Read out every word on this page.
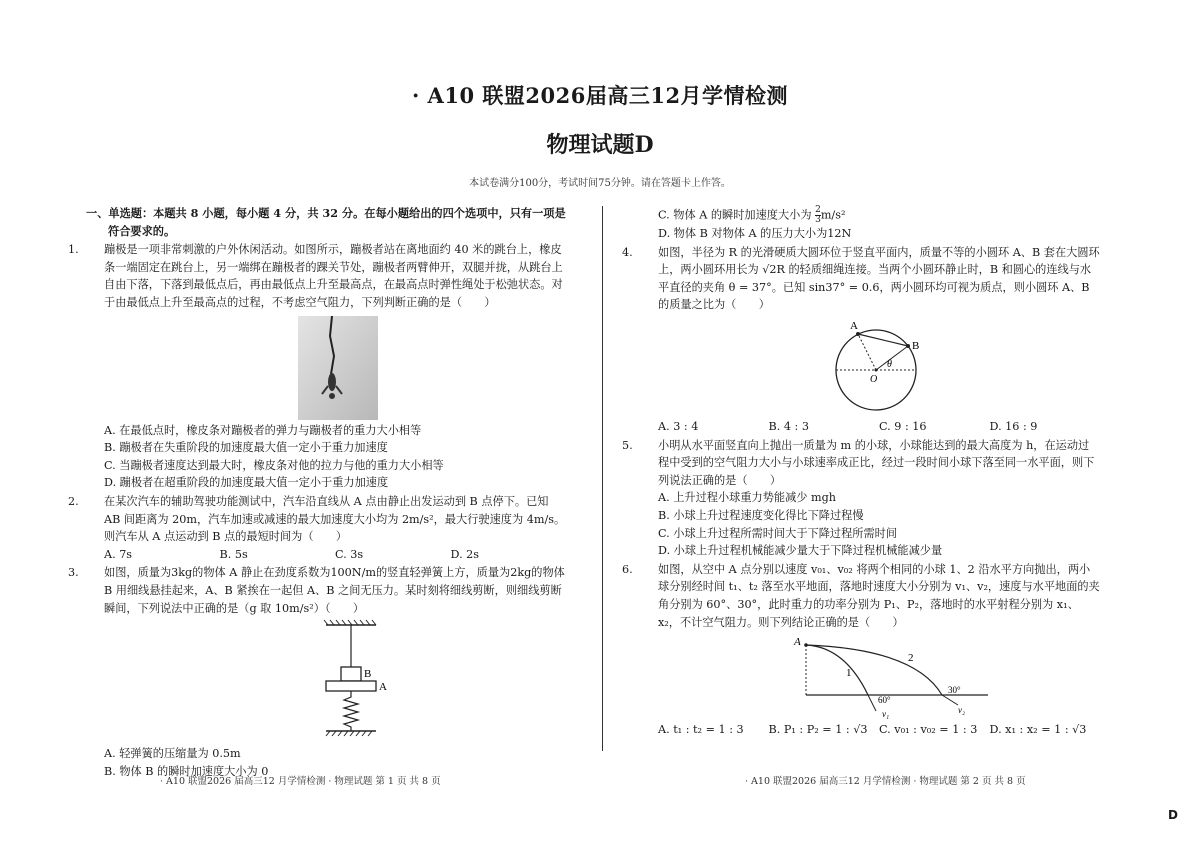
· A10 联盟2026届高三12月学情检测
物理试题D
本试卷满分100分，考试时间75分钟。请在答题卡上作答。
一、单选题：本题共 8 小题，每小题 4 分，共 32 分。在每小题给出的四个选项中，只有一项是
符合要求的。
1. 蹦极是一项非常刺激的户外休闲活动。如图所示，蹦极者站在离地面约 40 米的跳台上，橡皮条一端固定在跳台上，另一端绑在蹦极者的踝关节处，蹦极者两臂伸开，双腿并拢，从跳台上自由下落，下落到最低点后，再由最低点上升至最高点，在最高点时弹性绳处于松弛状态。对于由最低点上升至最高点的过程，不考虑空气阻力，下列判断正确的是（　　）
A. 在最低点时，橡皮条对蹦极者的弹力与蹦极者的重力大小相等
B. 蹦极者在失重阶段的加速度最大值一定小于重力加速度
C. 当蹦极者速度达到最大时，橡皮条对他的拉力与他的重力大小相等
D. 蹦极者在超重阶段的加速度最大值一定小于重力加速度
2. 在某次汽车的辅助驾驶功能测试中，汽车沿直线从 A 点由静止出发运动到 B 点停下。已知 AB 间距离为 20m，汽车加速或减速的最大加速度大小均为 2m/s²，最大行驶速度为 4m/s。则汽车从 A 点运动到 B 点的最短时间为（　　）
A. 7s	B. 5s	C. 3s	D. 2s
3. 如图，质量为3kg的物体 A 静止在劲度系数为100N/m的竖直轻弹簧上方，质量为2kg的物体 B 用细线悬挂起来，A、B 紧挨在一起但 A、B 之间无压力。某时刻将细线剪断，则细线剪断瞬间，下列说法中正确的是（g 取 10m/s²）（　　）
B
A
A. 轻弹簧的压缩量为 0.5m
B. 物体 B 的瞬时加速度大小为 0
C. 物体 A 的瞬时加速度大小为 $\frac{2}{3} m/s^2$
D. 物体 B 对物体 A 的压力大小为12N
4. 如图，半径为 R 的光滑硬质大圆环位于竖直平面内，质量不等的小圆环 A、B 套在大圆环上，两小圆环用长为 √2R 的轻质细绳连接。当两个小圆环静止时，B 和圆心的连线与水平直径的夹角 θ = 37°。已知 sin37° = 0.6，两小圆环均可视为质点，则小圆环 A、B 的质量之比为（　　）
A
B
O
θ
A. 3 : 4	B. 4 : 3	C. 9 : 16	D. 16 : 9
5. 小明从水平面竖直向上抛出一质量为 m 的小球，小球能达到的最大高度为 h，在运动过程中受到的空气阻力大小与小球速率成正比，经过一段时间小球下落至同一水平面，则下列说法正确的是（　　）
A. 上升过程小球重力势能减少 mgh
B. 小球上升过程速度变化得比下降过程慢
C. 小球上升过程所需时间大于下降过程所需时间
D. 小球上升过程机械能减少量大于下降过程机械能减少量
6. 如图，从空中 A 点分别以速度 v₀₁、v₀₂ 将两个相同的小球 1、2 沿水平方向抛出，两小球分别经时间 t₁、t₂ 落至水平地面，落地时速度大小分别为 v₁、v₂，速度与水平地面的夹角分别为 60°、30°，此时重力的功率分别为 P₁、P₂，落地时的水平射程分别为 x₁、x₂，不计空气阻力。则下列结论正确的是（　　）
A
1
2
60°
30°
v₁	v₂
A. t₁ : t₂ = 1 : 3	B. P₁ : P₂ = 1 : √3	C. v₀₁ : v₀₂ = 1 : 3	D. x₁ : x₂ = 1 : √3
· A10 联盟2026 届高三12 月学情检测 · 物理试题 第 1 页 共 8 页	· A10 联盟2026 届高三12 月学情检测 · 物理试题 第 2 页 共 8 页
D
